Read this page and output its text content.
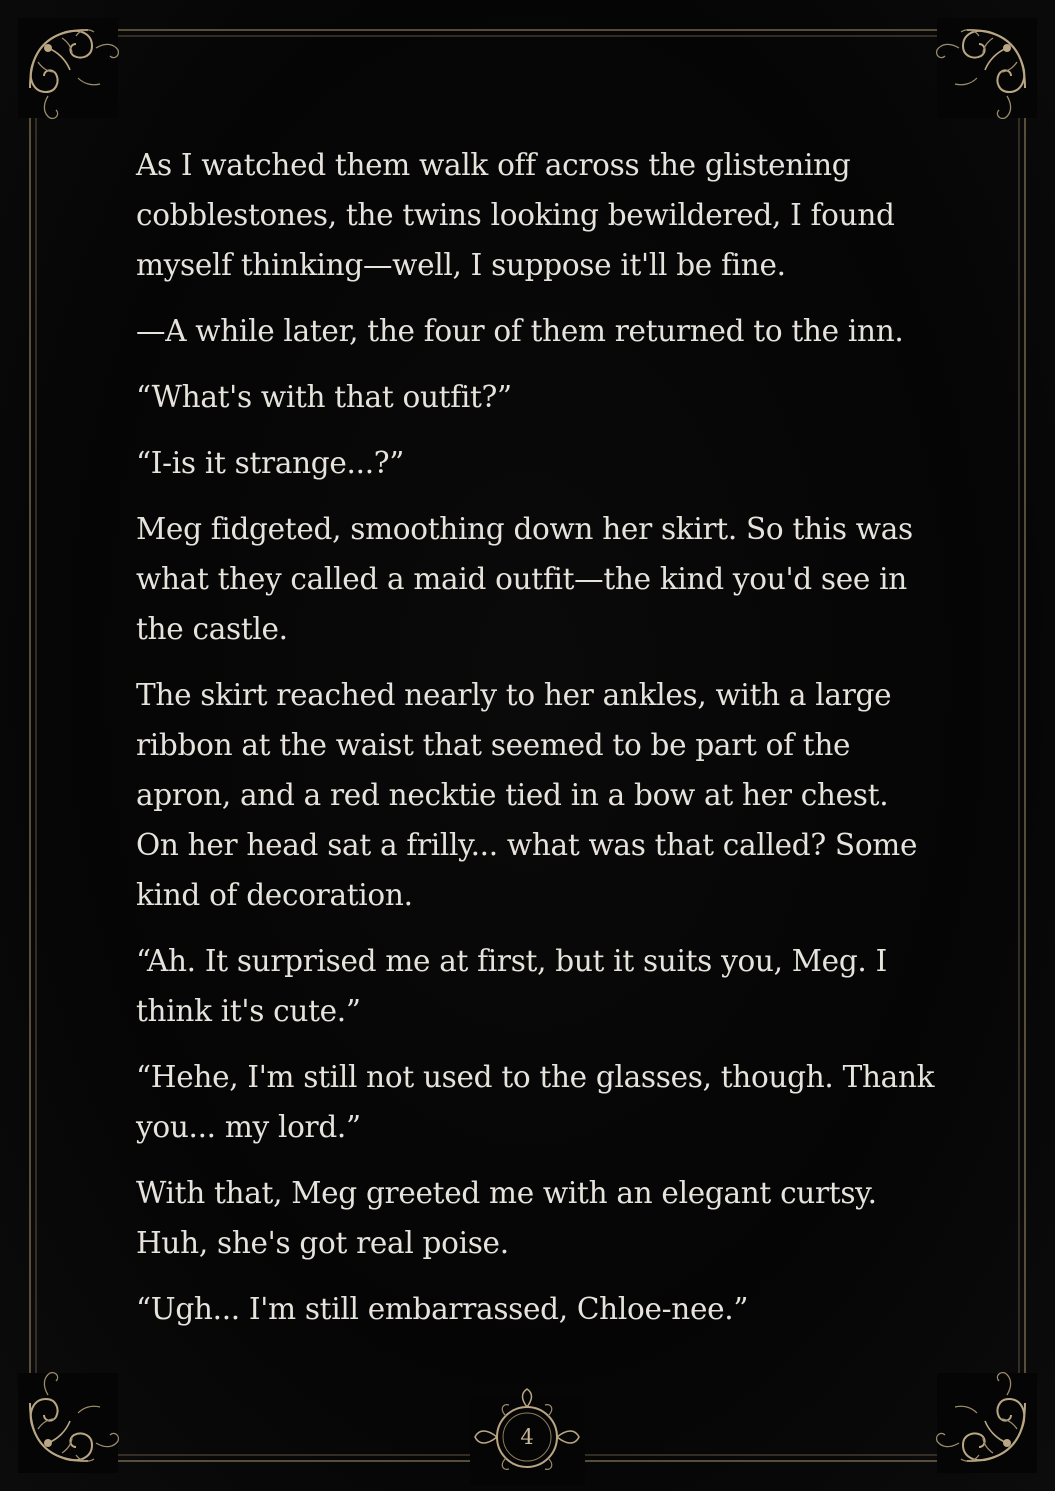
As I watched them walk off across the glistening cobblestones, the twins looking bewildered, I found myself thinking—well, I suppose it'll be fine.

—A while later, the four of them returned to the inn.

“What's with that outfit?”

“I-is it strange...?”

Meg fidgeted, smoothing down her skirt. So this was what they called a maid outfit—the kind you'd see in the castle.

The skirt reached nearly to her ankles, with a large ribbon at the waist that seemed to be part of the apron, and a red necktie tied in a bow at her chest. On her head sat a frilly... what was that called? Some kind of decoration.

“Ah. It surprised me at first, but it suits you, Meg. I think it's cute.”

“Hehe, I'm still not used to the glasses, though. Thank you... my lord.”

With that, Meg greeted me with an elegant curtsy. Huh, she's got real poise.

“Ugh... I'm still embarrassed, Chloe-nee.”

4
